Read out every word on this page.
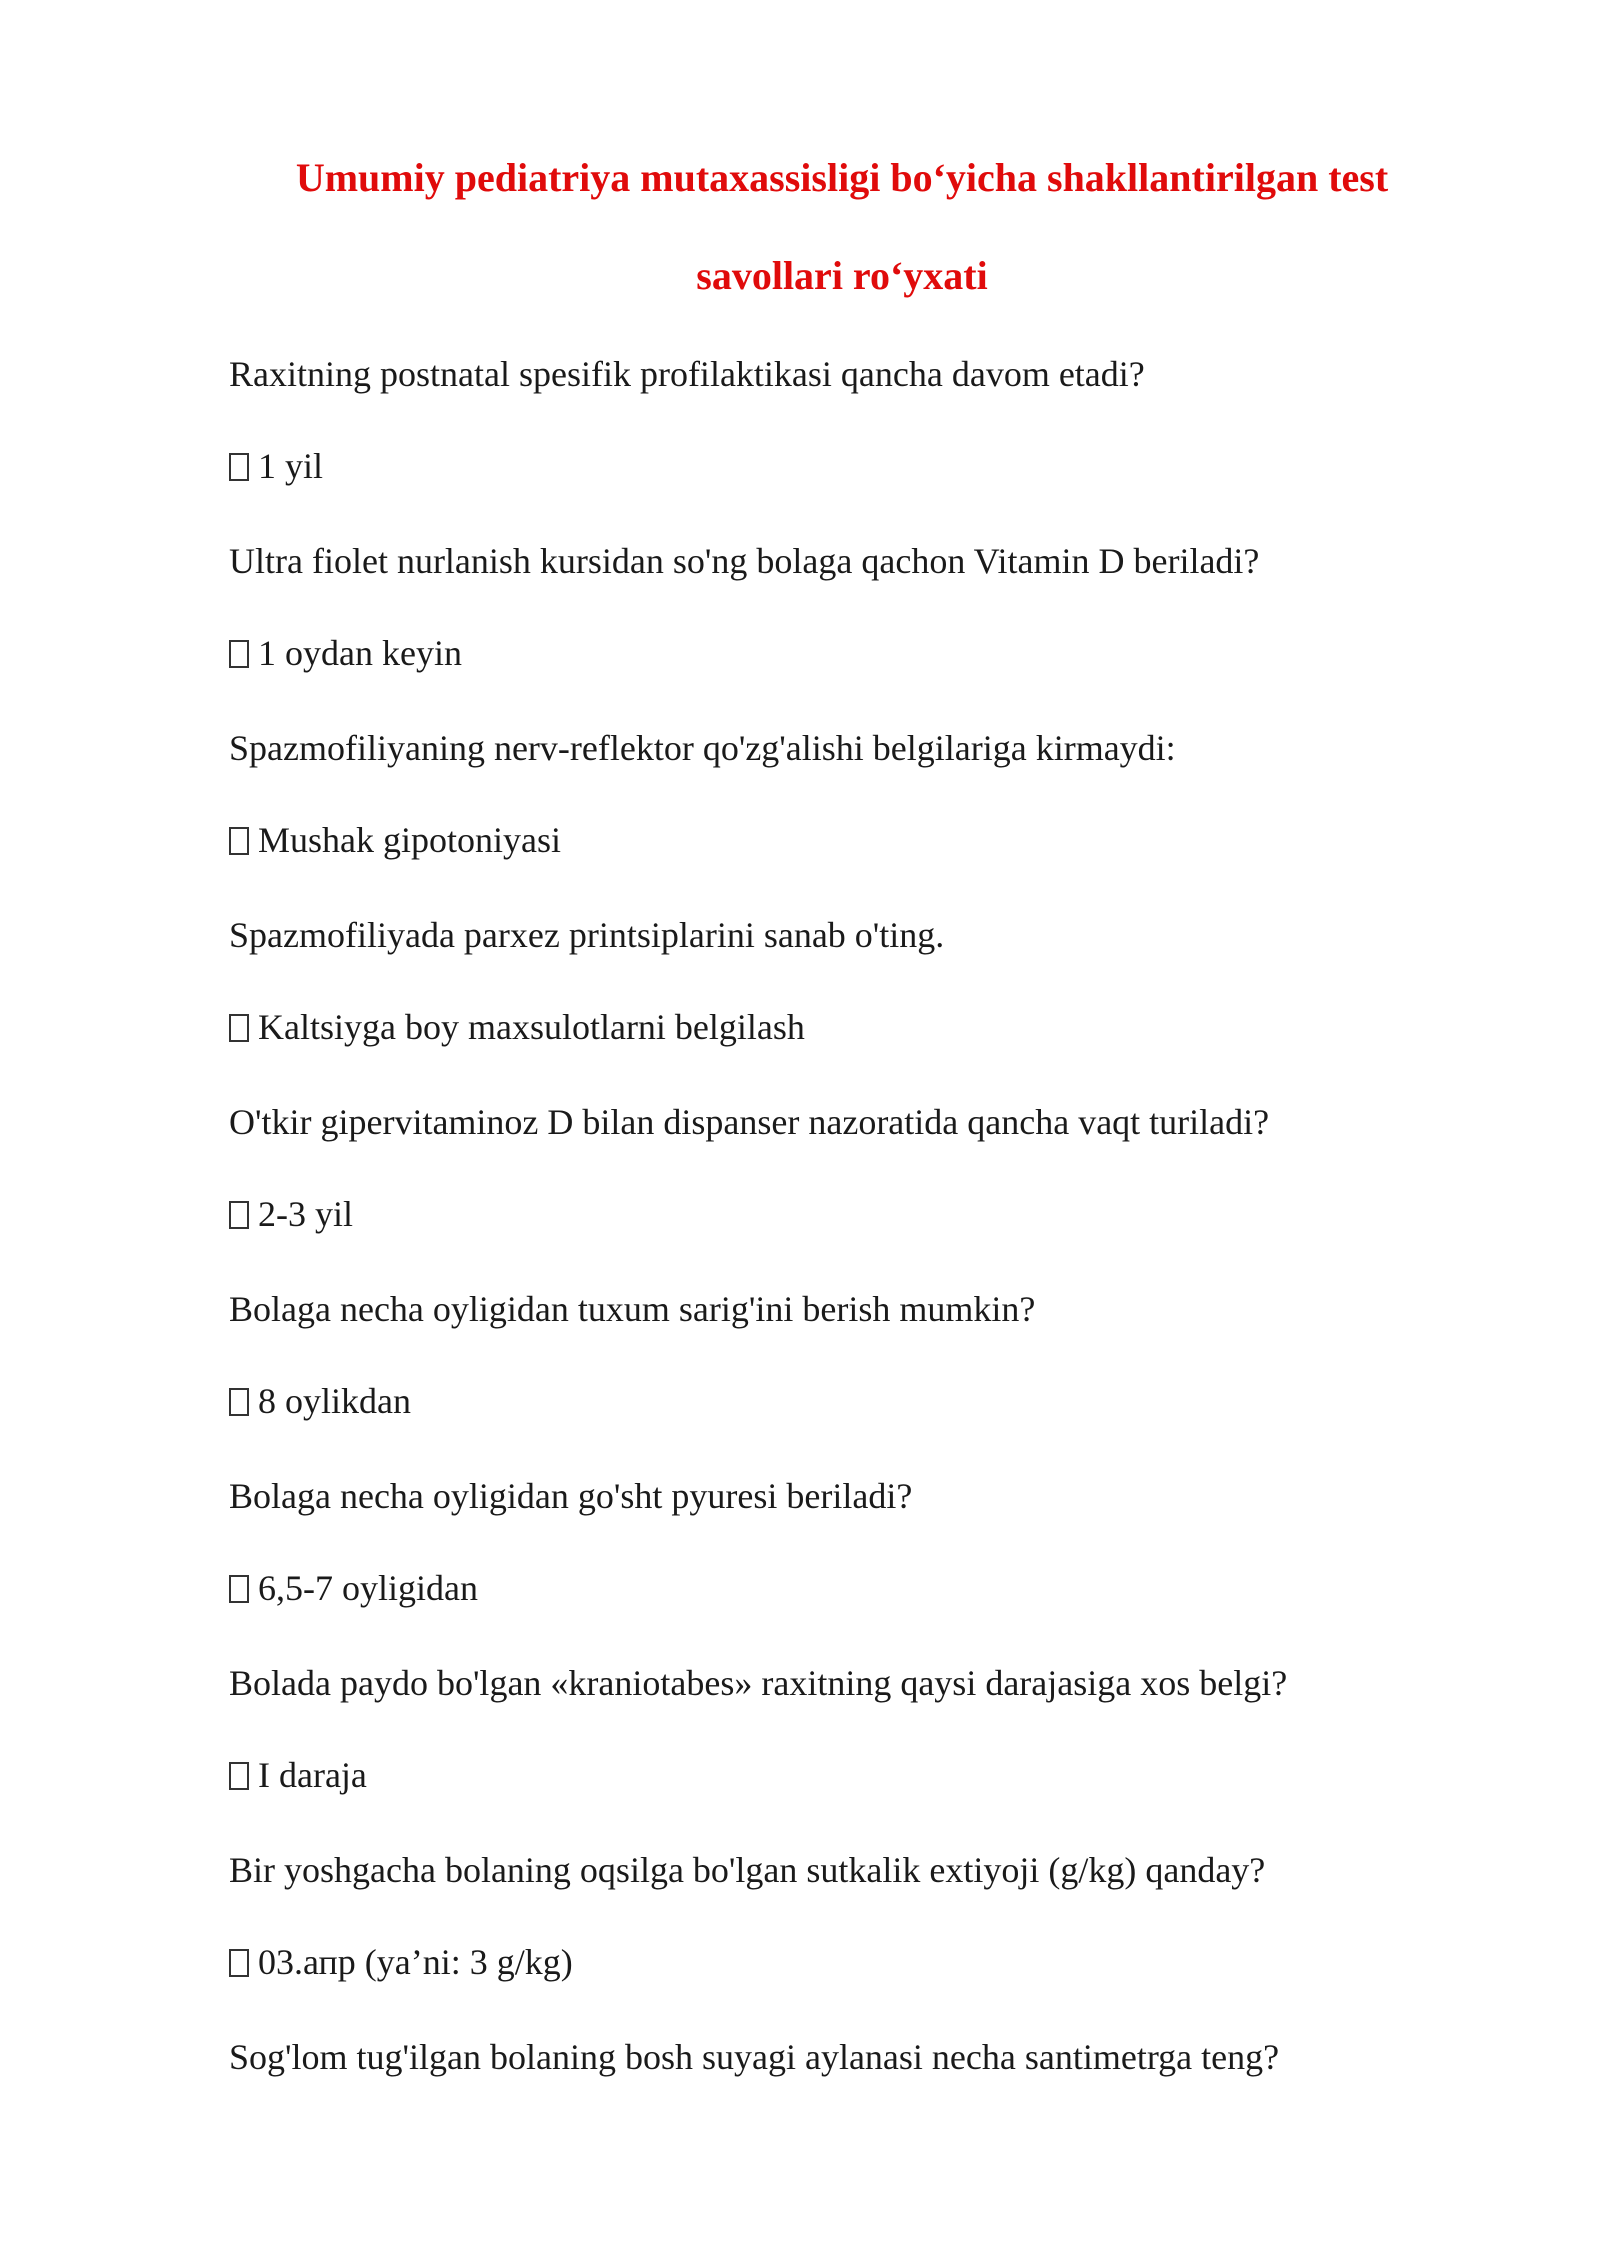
Umumiy pediatriya mutaxassisligi bo‘yicha shakllantirilgan test
savollari ro‘yxati

Raxitning postnatal spesifik profilaktikasi qancha davom etadi?

1 yil

Ultra fiolet nurlanish kursidan so'ng bolaga qachon Vitamin D beriladi?

1 oydan keyin

Spazmofiliyaning nerv-reflektor qo'zg'alishi belgilariga kirmaydi:

Mushak gipotoniyasi

Spazmofiliyada parxez printsiplarini sanab o'ting.

Kaltsiyga boy maxsulotlarni belgilash

O'tkir gipervitaminoz D bilan dispanser nazoratida qancha vaqt turiladi?

2-3 yil

Bolaga necha oyligidan tuxum sarig'ini berish mumkin?

8 oylikdan

Bolaga necha oyligidan go'sht pyuresi beriladi?

6,5-7 oyligidan

Bolada paydo bo'lgan «kraniotabes» raxitning qaysi darajasiga xos belgi?

I daraja

Bir yoshgacha bolaning oqsilga bo'lgan sutkalik extiyoji (g/kg) qanday?

03.апр (ya’ni: 3 g/kg)

Sog'lom tug'ilgan bolaning bosh suyagi aylanasi necha santimetrga teng?
